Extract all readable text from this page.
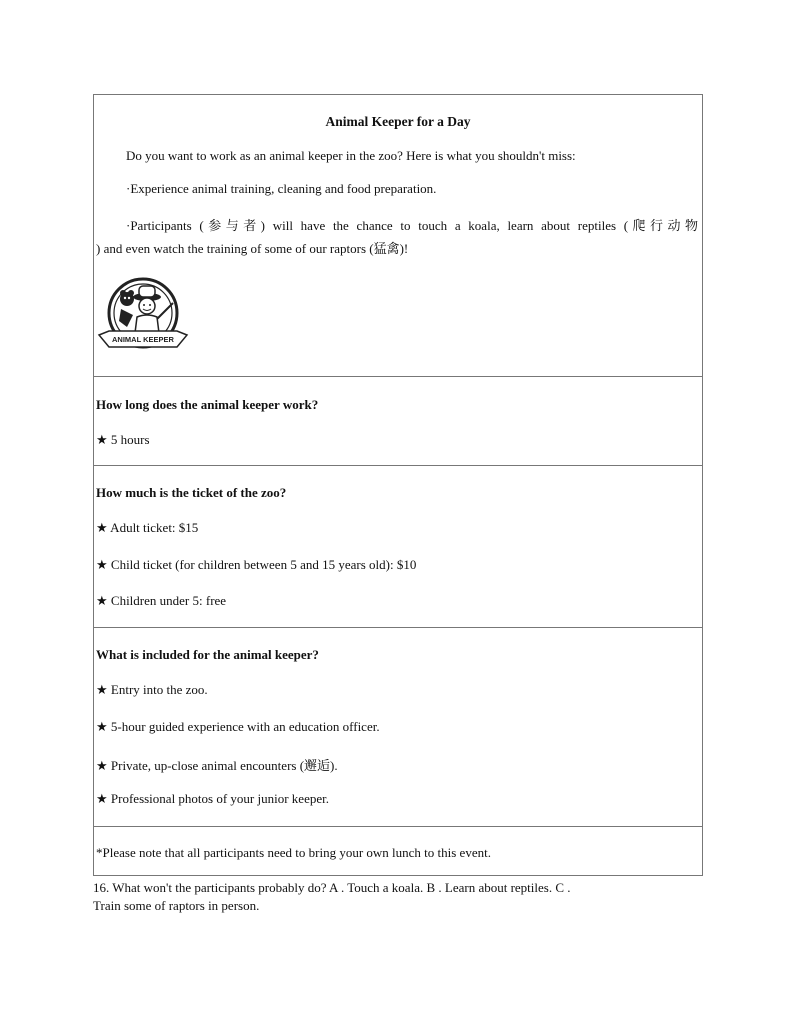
Animal Keeper for a Day
Do you want to work as an animal keeper in the zoo? Here is what you shouldn't miss:
·Experience animal training, cleaning and food preparation.
·Participants (参与者) will have the chance to touch a koala, learn about reptiles (爬行动物
) and even watch the training of some of our raptors (猛禽)!
ANIMAL KEEPER
How long does the animal keeper work?
★ 5 hours
How much is the ticket of the zoo?
★ Adult ticket: $15
★ Child ticket (for children between 5 and 15 years old): $10
★ Children under 5: free
What is included for the animal keeper?
★ Entry into the zoo.
★ 5-hour guided experience with an education officer.
★ Private, up-close animal encounters (邂逅).
★ Professional photos of your junior keeper.
*Please note that all participants need to bring your own lunch to this event.
16. What won't the participants probably do? A . Touch a koala. B . Learn about reptiles. C .
Train some of raptors in person.
